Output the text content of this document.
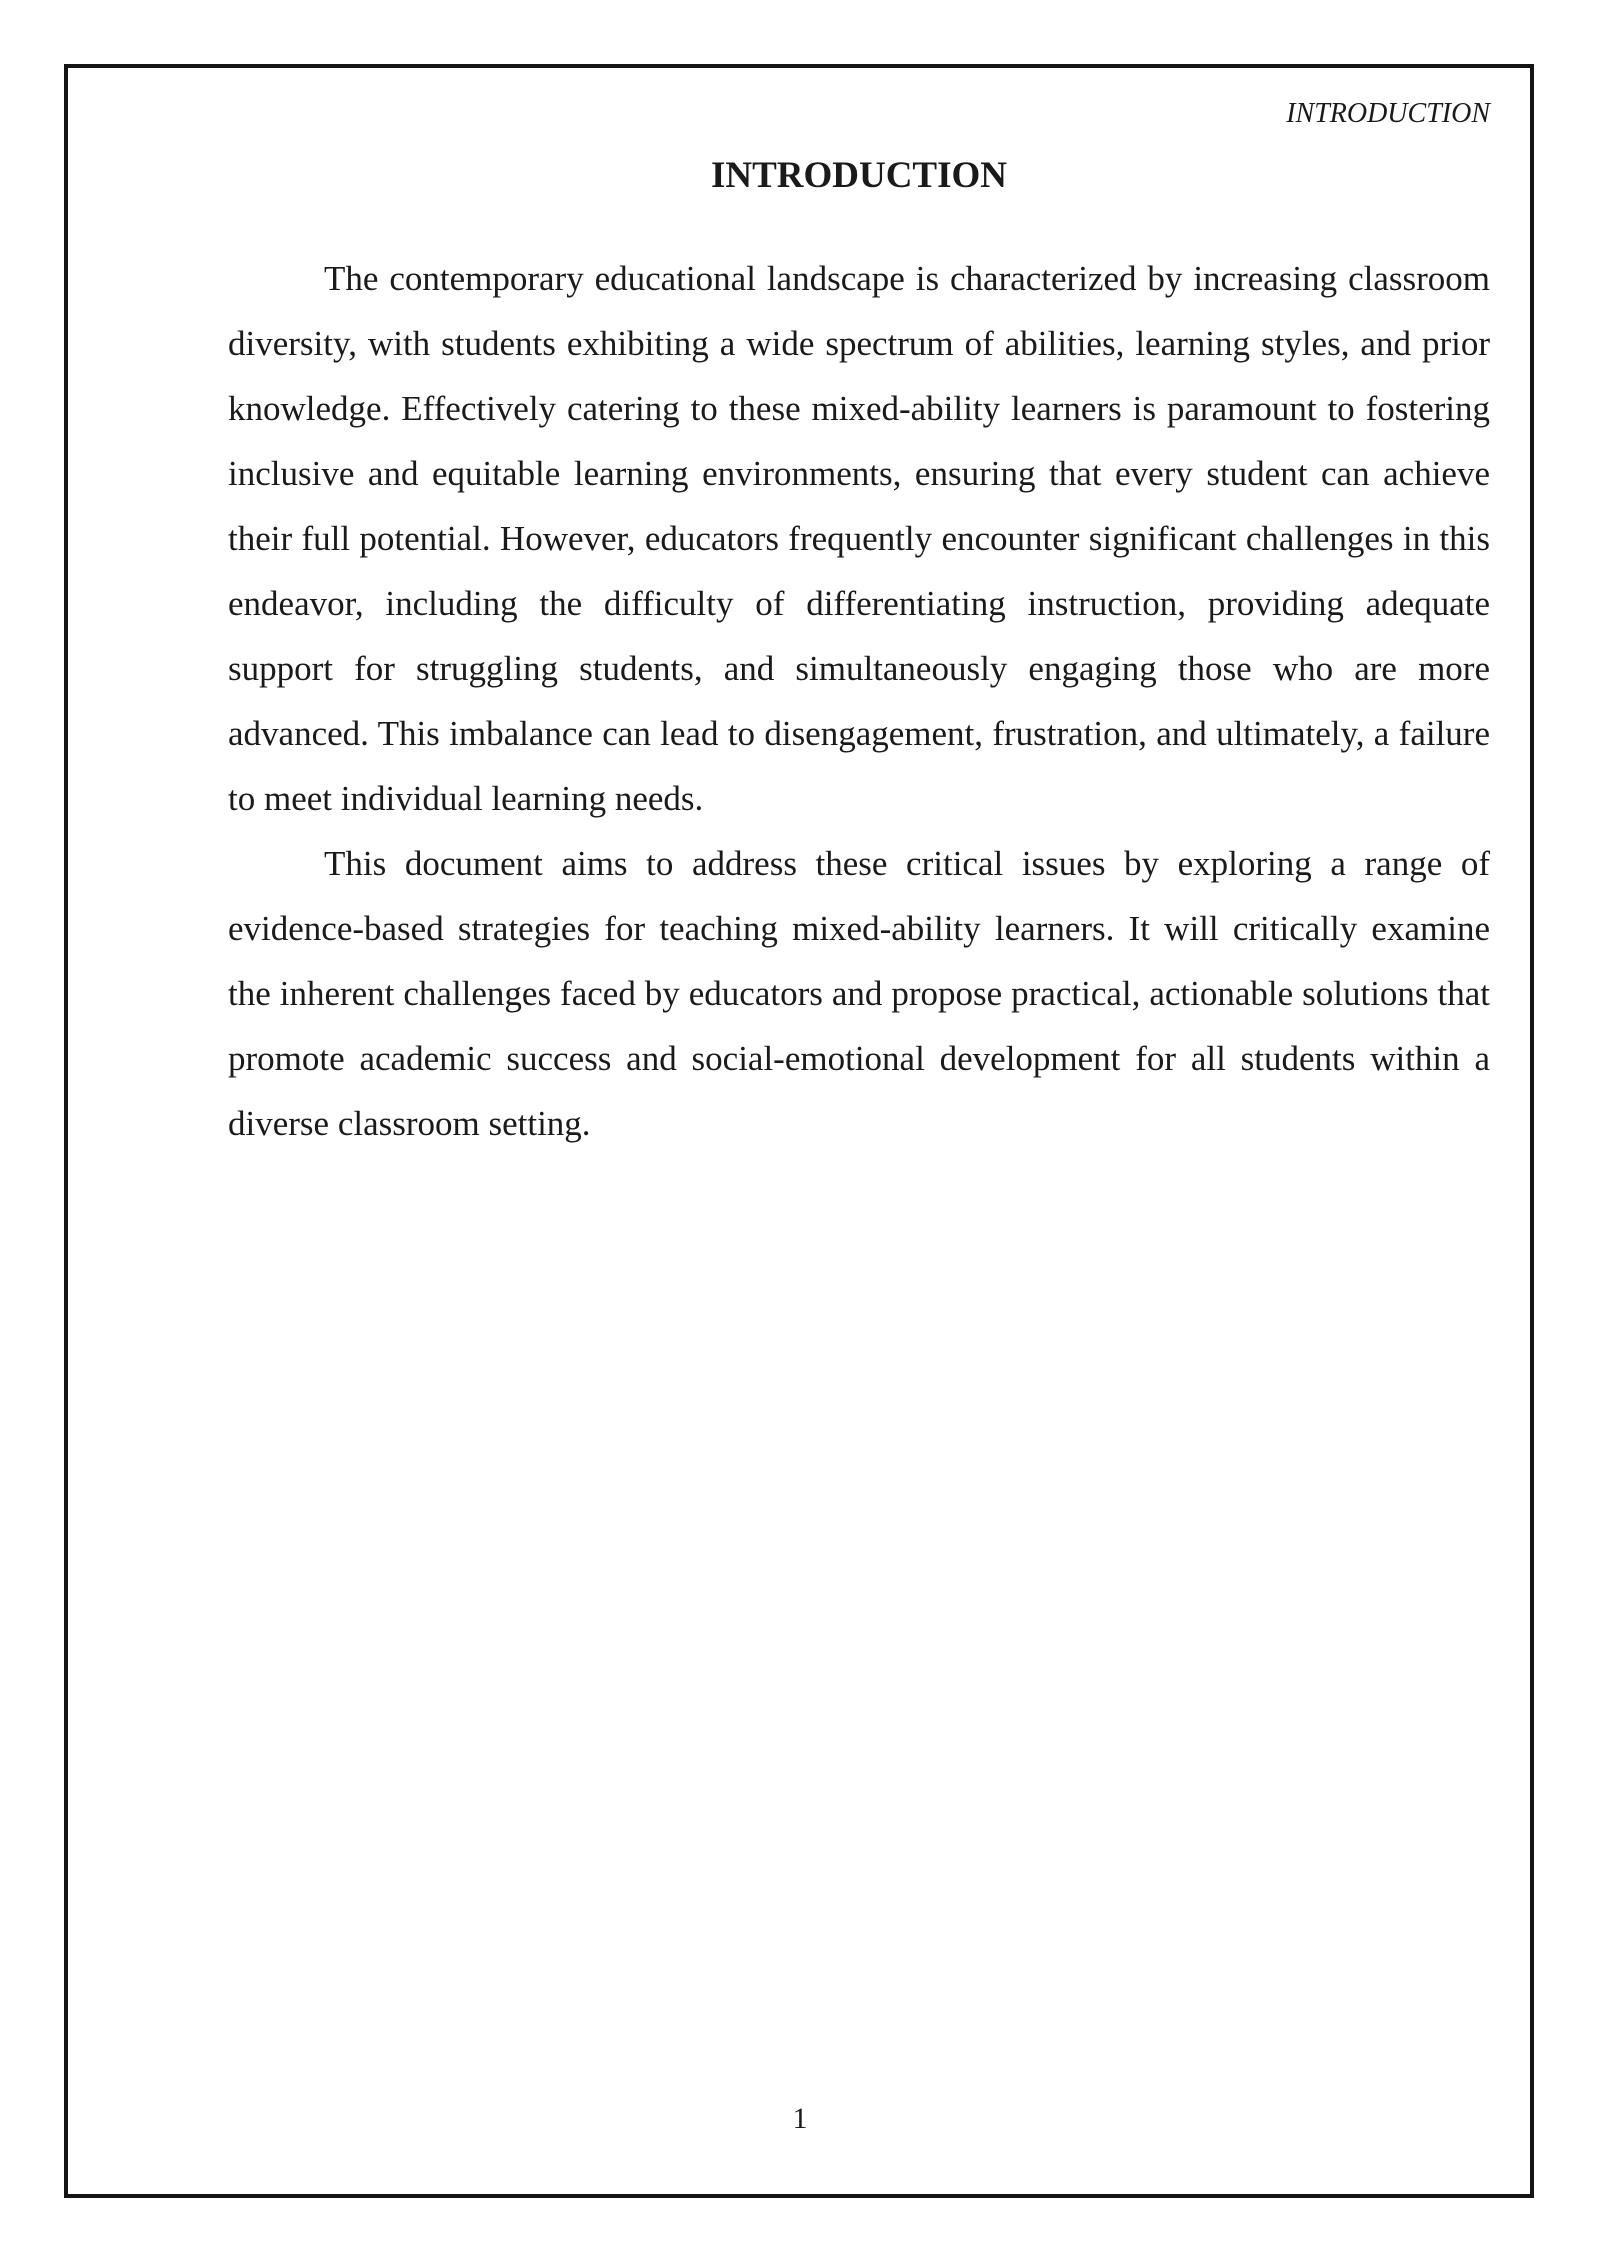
INTRODUCTION
INTRODUCTION

The contemporary educational landscape is characterized by increasing classroom diversity, with students exhibiting a wide spectrum of abilities, learning styles, and prior knowledge. Effectively catering to these mixed-ability learners is paramount to fostering inclusive and equitable learning environments, ensuring that every student can achieve their full potential. However, educators frequently encounter significant challenges in this endeavor, including the difficulty of differentiating instruction, providing adequate support for struggling students, and simultaneously engaging those who are more advanced. This imbalance can lead to disengagement, frustration, and ultimately, a failure to meet individual learning needs.

This document aims to address these critical issues by exploring a range of evidence-based strategies for teaching mixed-ability learners. It will critically examine the inherent challenges faced by educators and propose practical, actionable solutions that promote academic success and social-emotional development for all students within a diverse classroom setting.

1
